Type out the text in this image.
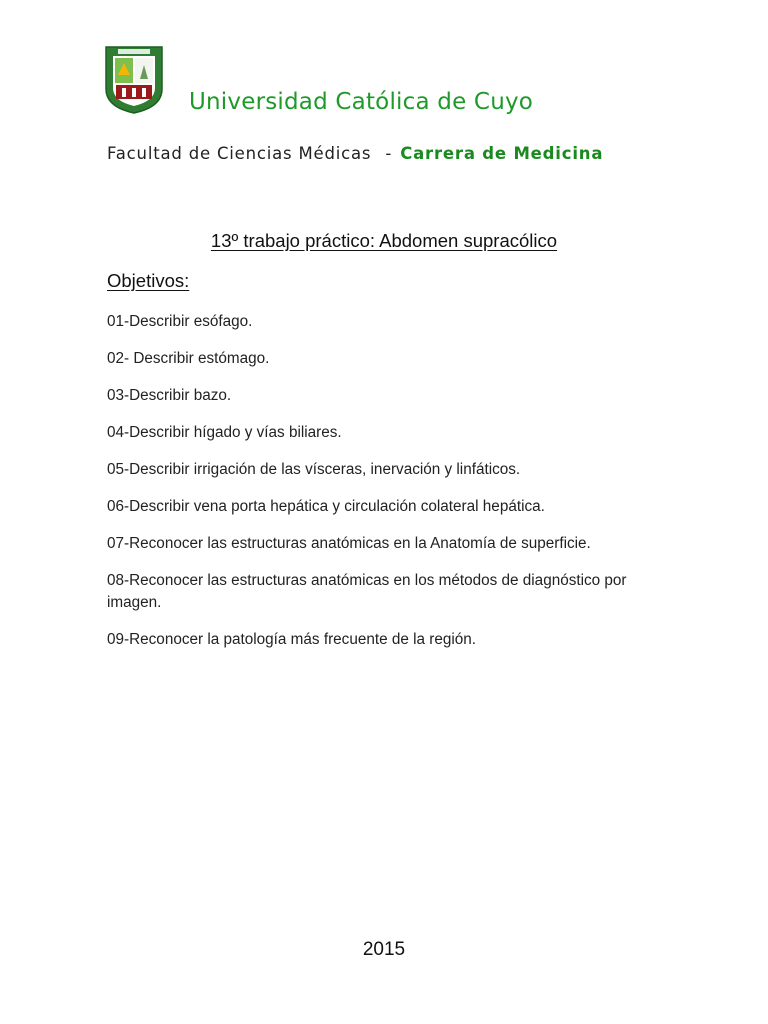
Universidad Católica de Cuyo
Facultad de Ciencias Médicas - Carrera de Medicina
13º trabajo práctico: Abdomen supracólico
Objetivos:
01-Describir esófago.
02- Describir estómago.
03-Describir bazo.
04-Describir hígado y vías biliares.
05-Describir irrigación de las vísceras, inervación y linfáticos.
06-Describir vena porta hepática y circulación colateral hepática.
07-Reconocer las estructuras anatómicas en la Anatomía de superficie.
08-Reconocer las estructuras anatómicas en los métodos de diagnóstico por imagen.
09-Reconocer la patología más frecuente de la región.
2015
